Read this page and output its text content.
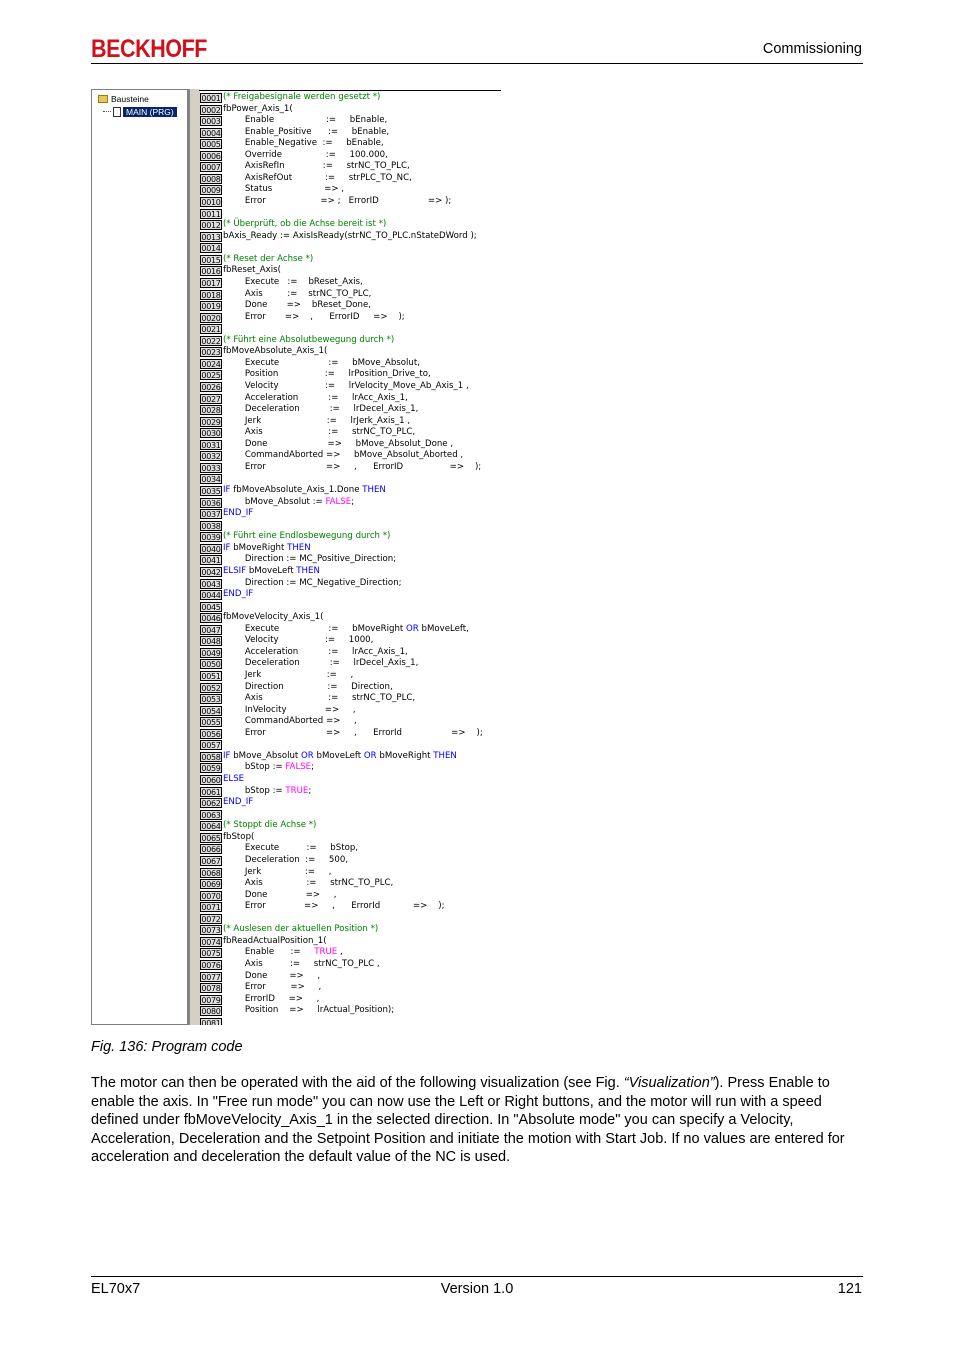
BECKHOFF	Commissioning
Bausteine
MAIN (PRG)
0001 (* Freigabesignale werden gesetzt *)
0002 fbPower_Axis_1(
0003 Enable                   :=     bEnable,
0004 Enable_Positive      :=     bEnable,
0005 Enable_Negative  :=     bEnable,
0006 Override                :=     100.000,
0007 AxisRefIn              :=     strNC_TO_PLC,
0008 AxisRefOut            :=     strPLC_TO_NC,
0009 Status                   => ,
0010 Error                    => ;   ErrorID                  => );
0011
0012 (* Überprüft, ob die Achse bereit ist *)
0013 bAxis_Ready := AxisIsReady(strNC_TO_PLC.nStateDWord );
0014
0015 (* Reset der Achse *)
0016 fbReset_Axis(
0017 Execute   :=    bReset_Axis,
0018 Axis         :=    strNC_TO_PLC,
0019 Done       =>    bReset_Done,
0020 Error       =>    ,      ErrorID     =>    );
0021
0022 (* Führt eine Absolutbewegung durch *)
0023 fbMoveAbsolute_Axis_1(
0024 Execute                  :=     bMove_Absolut,
0025 Position                 :=     lrPosition_Drive_to,
0026 Velocity                 :=     lrVelocity_Move_Ab_Axis_1 ,
0027 Acceleration           :=     lrAcc_Axis_1,
0028 Deceleration           :=     lrDecel_Axis_1,
0029 Jerk                        :=     lrJerk_Axis_1 ,
0030 Axis                        :=     strNC_TO_PLC,
0031 Done                      =>     bMove_Absolut_Done ,
0032 CommandAborted =>     bMove_Absolut_Aborted ,
0033 Error                      =>     ,      ErrorID                 =>    );
0034
0035 IF fbMoveAbsolute_Axis_1.Done THEN
0036 bMove_Absolut := FALSE;
0037 END_IF
0038
0039 (* Führt eine Endlosbewegung durch *)
0040 IF bMoveRight THEN
0041 Direction := MC_Positive_Direction;
0042 ELSIF bMoveLeft THEN
0043 Direction := MC_Negative_Direction;
0044 END_IF
0045
0046 fbMoveVelocity_Axis_1(
0047 Execute                  :=     bMoveRight OR bMoveLeft,
0048 Velocity                 :=     1000,
0049 Acceleration           :=     lrAcc_Axis_1,
0050 Deceleration           :=     lrDecel_Axis_1,
0051 Jerk                        :=     ,
0052 Direction                :=     Direction,
0053 Axis                        :=     strNC_TO_PLC,
0054 InVelocity              =>     ,
0055 CommandAborted =>     ,
0056 Error                      =>     ,      ErrorId                  =>    );
0057
0058 IF bMove_Absolut OR bMoveLeft OR bMoveRight THEN
0059 bStop := FALSE;
0060 ELSE
0061 bStop := TRUE;
0062 END_IF
0063
0064 (* Stoppt die Achse *)
0065 fbStop(
0066 Execute          :=     bStop,
0067 Deceleration  :=     500,
0068 Jerk                :=     ,
0069 Axis                :=     strNC_TO_PLC,
0070 Done              =>     ,
0071 Error              =>     ,      ErrorId            =>    );
0072
0073 (* Auslesen der aktuellen Position *)
0074 fbReadActualPosition_1(
0075 Enable      :=     TRUE ,
0076 Axis          :=     strNC_TO_PLC ,
0077 Done        =>     ,
0078 Error         =>     ,
0079 ErrorID     =>     ,
0080 Position    =>     lrActual_Position);
0081
Fig. 136: Program code

The motor can then be operated with the aid of the following visualization (see Fig. “Visualization”). Press Enable to enable the axis. In "Free run mode" you can now use the Left or Right buttons, and the motor will run with a speed defined under fbMoveVelocity_Axis_1 in the selected direction. In "Absolute mode" you can specify a Velocity, Acceleration, Deceleration and the Setpoint Position and initiate the motion with Start Job. If no values are entered for acceleration and deceleration the default value of the NC is used.

EL70x7	Version 1.0	121
